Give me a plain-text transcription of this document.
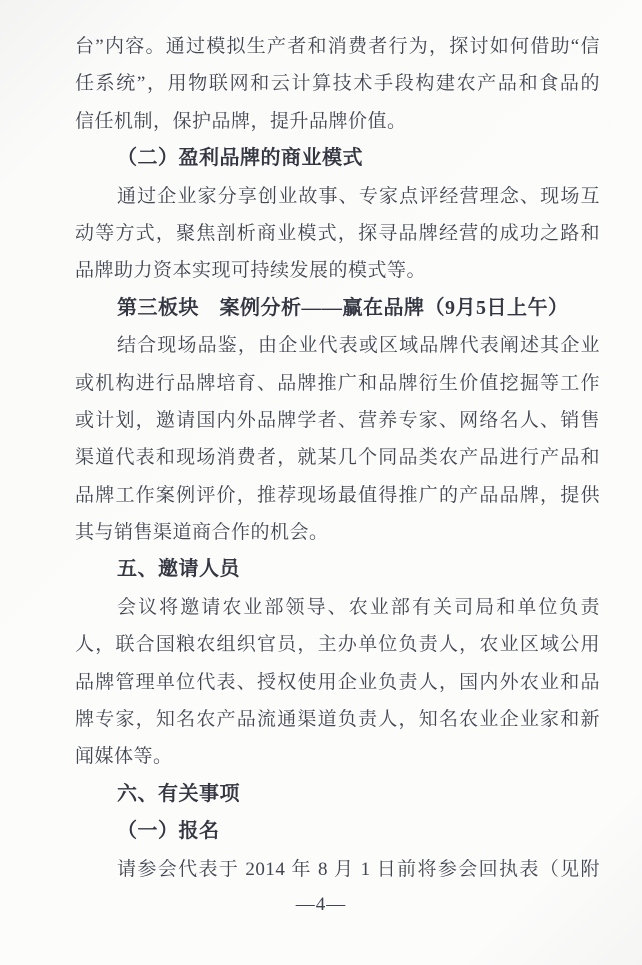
台”内容。通过模拟生产者和消费者行为，探讨如何借助“信
任系统”，用物联网和云计算技术手段构建农产品和食品的
信任机制，保护品牌，提升品牌价值。
（二）盈利品牌的商业模式
通过企业家分享创业故事、专家点评经营理念、现场互
动等方式，聚焦剖析商业模式，探寻品牌经营的成功之路和
品牌助力资本实现可持续发展的模式等。
第三板块　案例分析——赢在品牌（9月5日上午）
结合现场品鉴，由企业代表或区域品牌代表阐述其企业
或机构进行品牌培育、品牌推广和品牌衍生价值挖掘等工作
或计划，邀请国内外品牌学者、营养专家、网络名人、销售
渠道代表和现场消费者，就某几个同品类农产品进行产品和
品牌工作案例评价，推荐现场最值得推广的产品品牌，提供
其与销售渠道商合作的机会。
五、邀请人员
会议将邀请农业部领导、农业部有关司局和单位负责
人，联合国粮农组织官员，主办单位负责人，农业区域公用
品牌管理单位代表、授权使用企业负责人，国内外农业和品
牌专家，知名农产品流通渠道负责人，知名农业企业家和新
闻媒体等。
六、有关事项
（一）报名
请参会代表于 2014 年 8 月 1 日前将参会回执表（见附
—4—
